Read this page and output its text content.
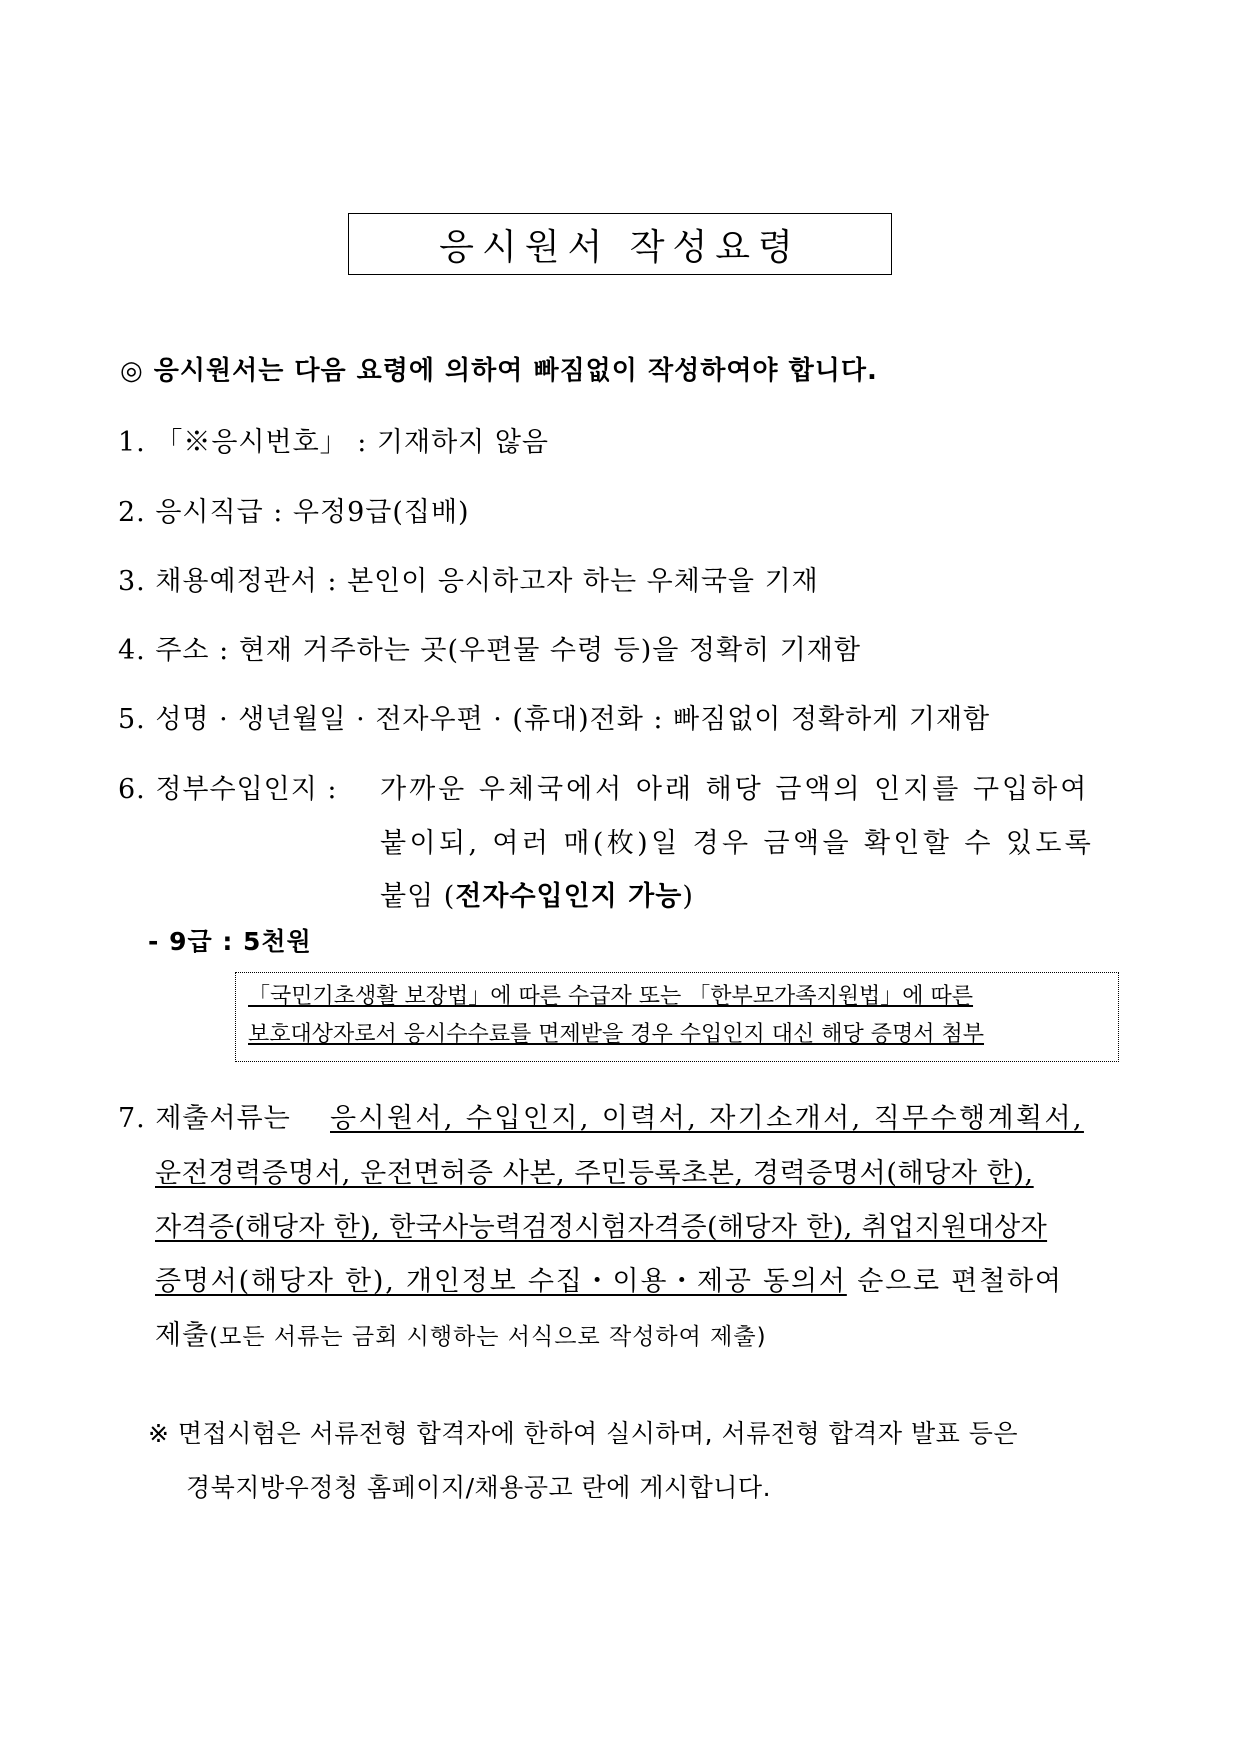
응시원서 작성요령
◎ 응시원서는 다음 요령에 의하여 빠짐없이 작성하여야 합니다.
1. 「※응시번호」 : 기재하지 않음
2. 응시직급 : 우정9급(집배)
3. 채용예정관서 : 본인이 응시하고자 하는 우체국을 기재
4. 주소 : 현재 거주하는 곳(우편물 수령 등)을 정확히 기재함
5. 성명 · 생년월일 · 전자우편 · (휴대)전화 : 빠짐없이 정확하게 기재함
6. 정부수입인지 : 가까운 우체국에서 아래 해당 금액의 인지를 구입하여
붙이되, 여러 매(枚)일 경우 금액을 확인할 수 있도록
붙임 (전자수입인지 가능)
- 9급 : 5천원
「국민기초생활 보장법」에 따른 수급자 또는 「한부모가족지원법」에 따른
보호대상자로서 응시수수료를 면제받을 경우 수입인지 대신 해당 증명서 첨부
7. 제출서류는 응시원서, 수입인지, 이력서, 자기소개서, 직무수행계획서,
운전경력증명서, 운전면허증 사본, 주민등록초본, 경력증명서(해당자 한),
자격증(해당자 한), 한국사능력검정시험자격증(해당자 한), 취업지원대상자
증명서(해당자 한), 개인정보 수집・이용・제공 동의서 순으로 편철하여
제출(모든 서류는 금회 시행하는 서식으로 작성하여 제출)
※ 면접시험은 서류전형 합격자에 한하여 실시하며, 서류전형 합격자 발표 등은
경북지방우정청 홈페이지/채용공고 란에 게시합니다.
